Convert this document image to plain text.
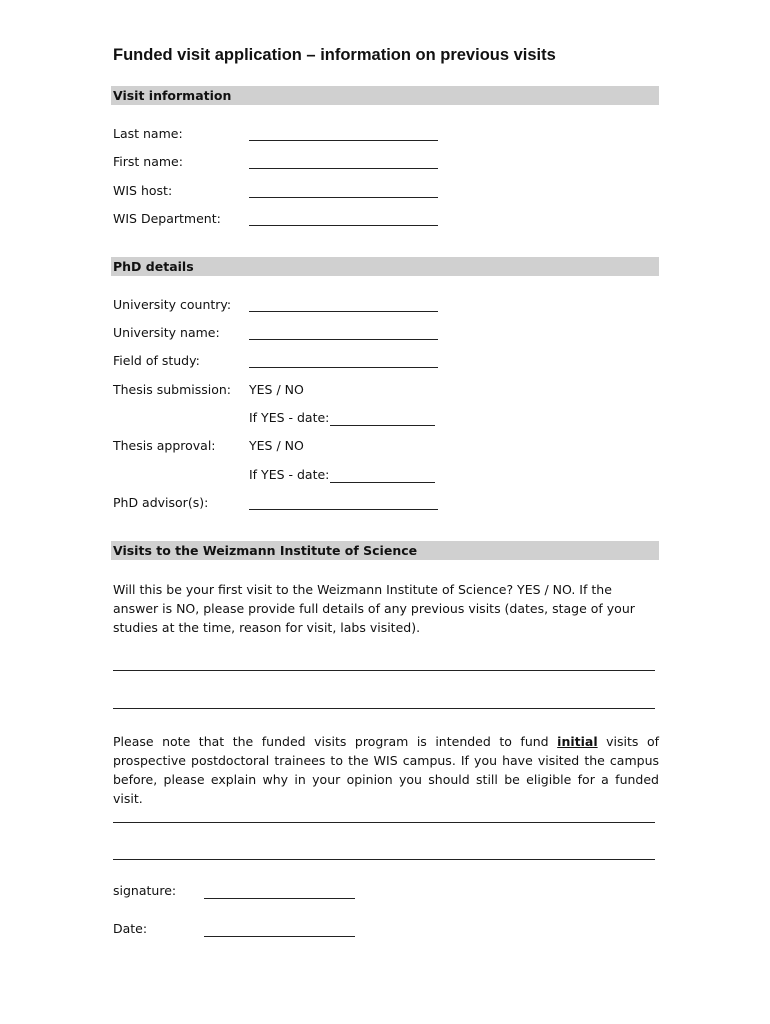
Funded visit application – information on previous visits
Visit information
Last name:
First name:
WIS host:
WIS Department:
PhD details
University country:
University name:
Field of study:
Thesis submission: YES / NO
If YES - date:
Thesis approval:	YES / NO
If YES - date:
PhD advisor(s):
Visits to the Weizmann Institute of Science
Will this be your first visit to the Weizmann Institute of Science? YES / NO. If the answer is NO, please provide full details of any previous visits (dates, stage of your studies at the time, reason for visit, labs visited).
Please note that the funded visits program is intended to fund initial visits of prospective postdoctoral trainees to the WIS campus. If you have visited the campus before, please explain why in your opinion you should still be eligible for a funded visit.
signature:
Date:
